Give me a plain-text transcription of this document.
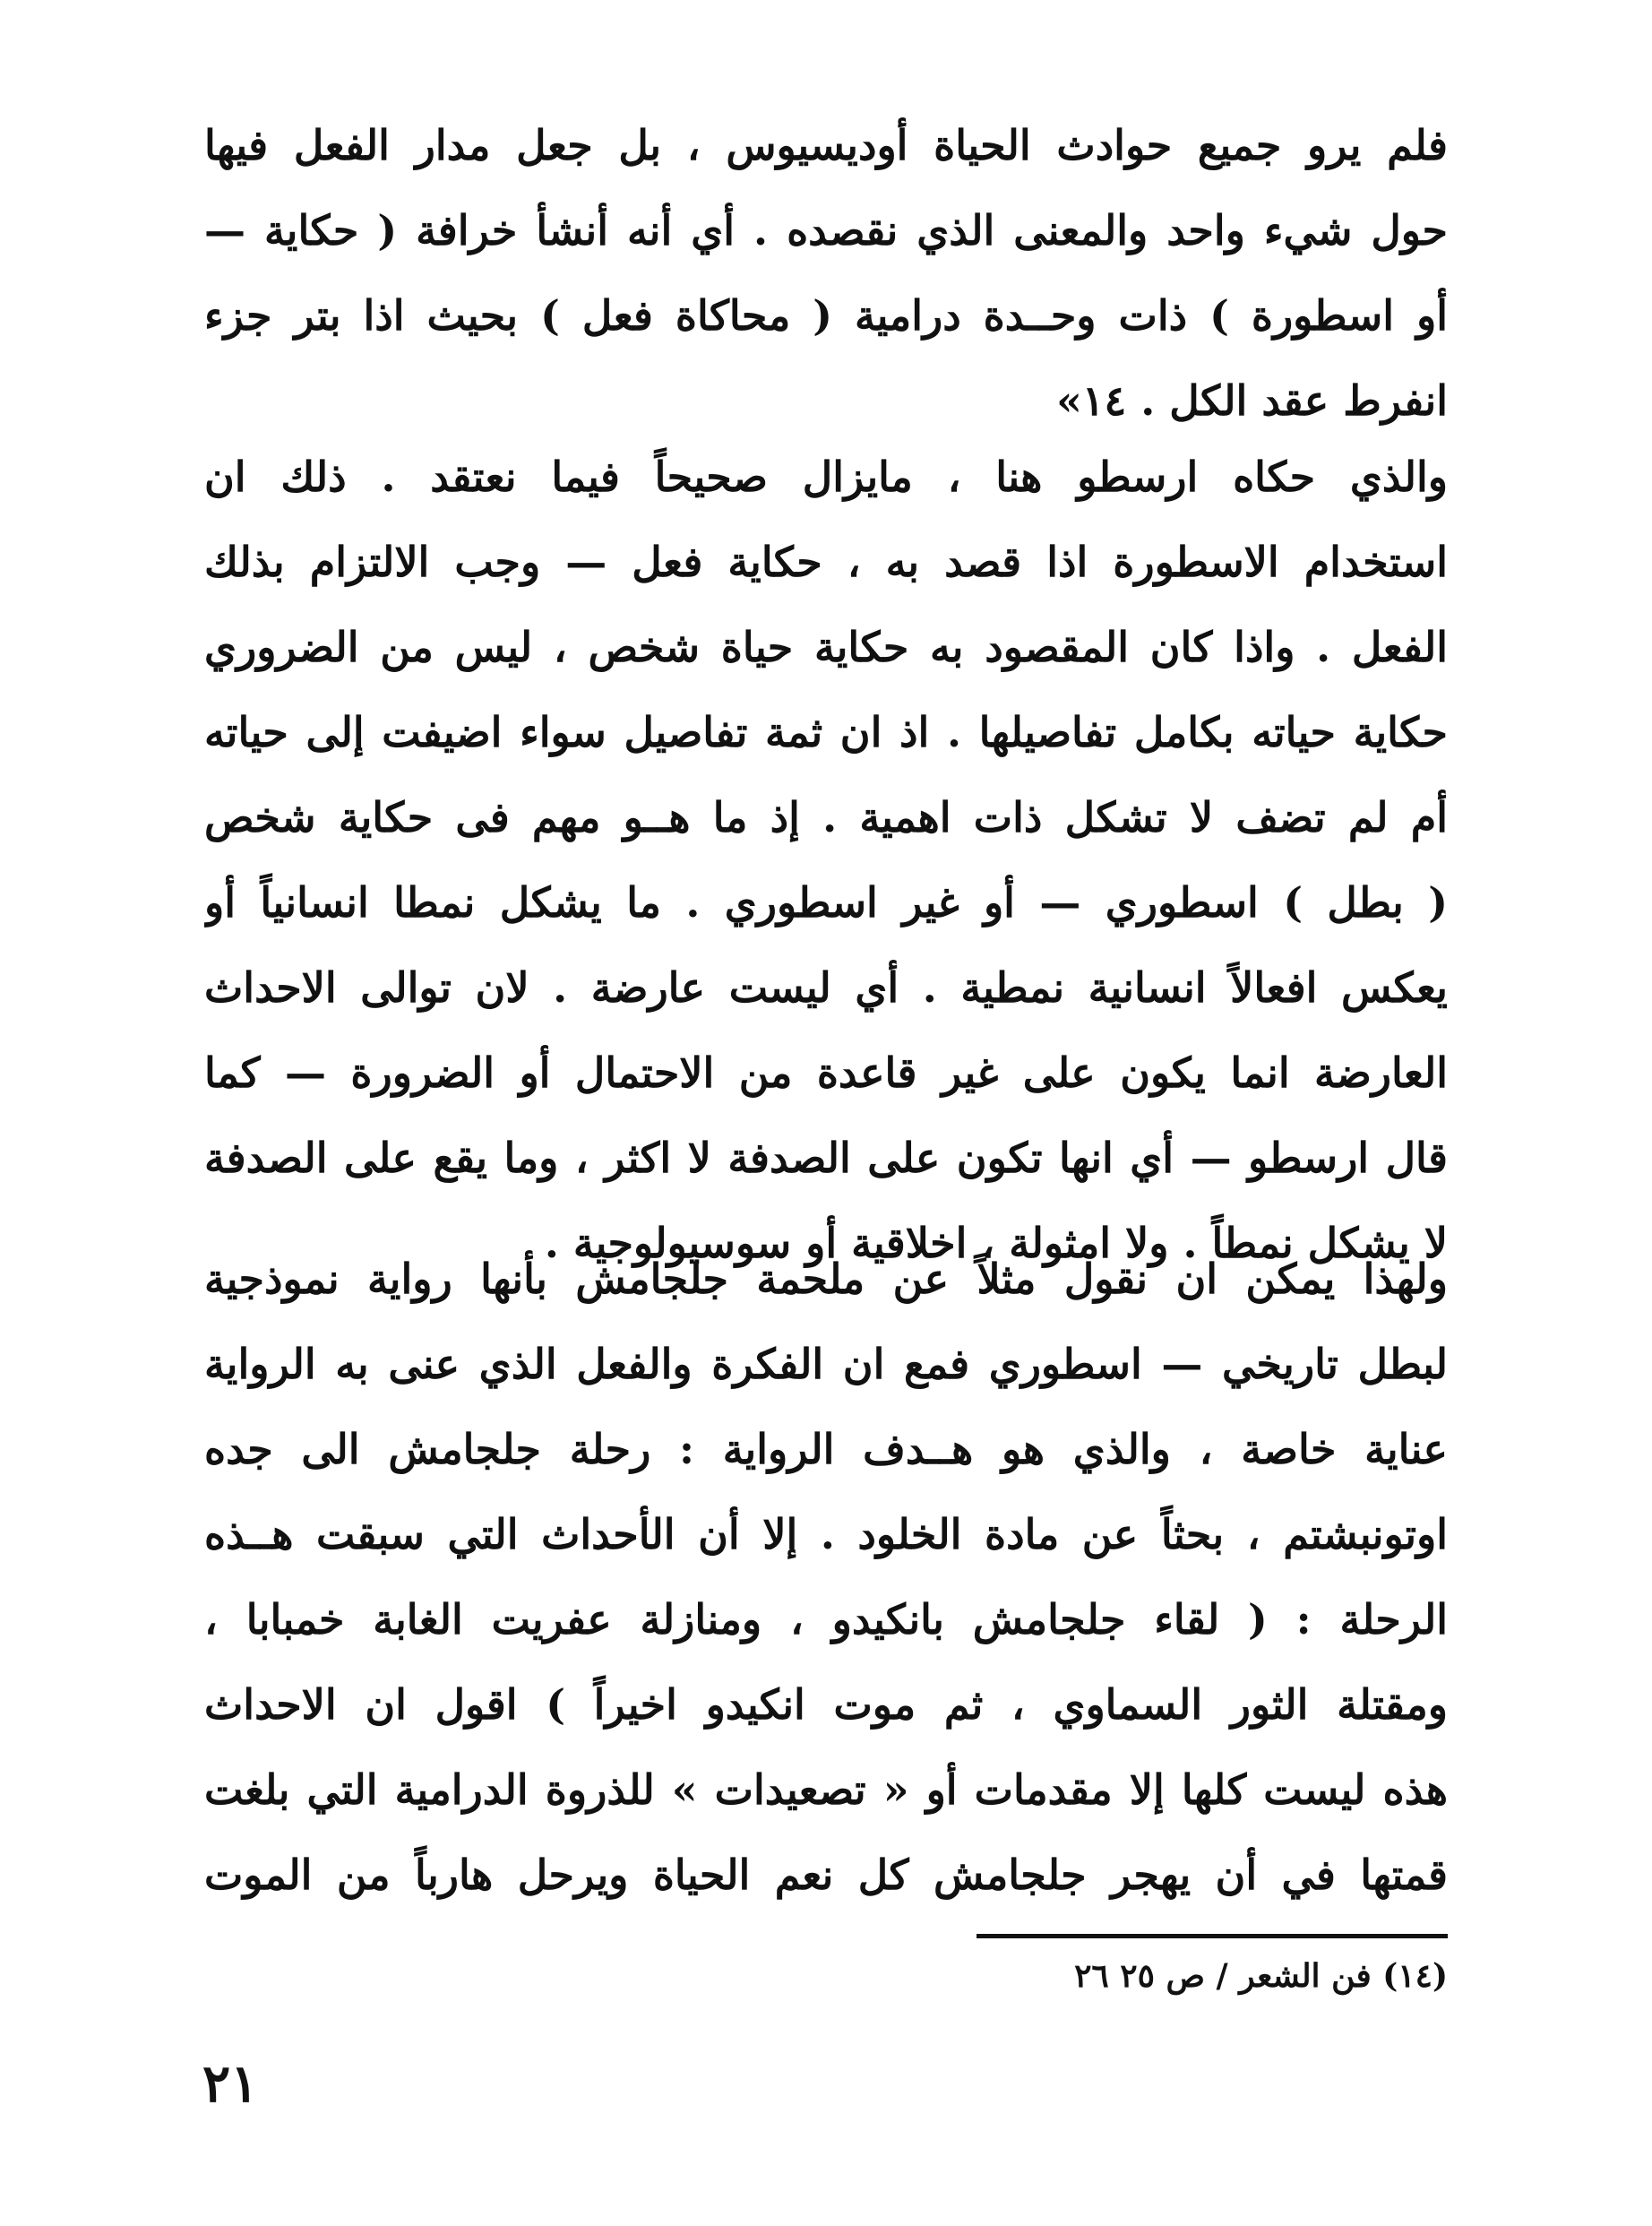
فلم يرو جميع حوادث الحياة أوديسيوس ، بل جعل مدار الفعل فيها
حول شيء واحد والمعنى الذي نقصده . أي أنه أنشأ خرافة ( حكاية —
أو اسطورة ) ذات وحــدة درامية ( محاكاة فعل ) بحيث اذا بتر جزء
انفرط عقد الكل . ١٤»
والذي حكاه ارسطو هنا ، مايزال صحيحاً فيما نعتقد . ذلك ان
استخدام الاسطورة اذا قصد به ، حكاية فعل — وجب الالتزام بذلك
الفعل . واذا كان المقصود به حكاية حياة شخص ، ليس من الضروري
حكاية حياته بكامل تفاصيلها . اذ ان ثمة تفاصيل سواء اضيفت إلى حياته
أم لم تضف لا تشكل ذات اهمية . إذ ما هــو مهم فى حكاية شخص
( بطل ) اسطوري — أو غير اسطوري . ما يشكل نمطا انسانياً أو
يعكس افعالاً انسانية نمطية . أي ليست عارضة . لان توالى الاحداث
العارضة انما يكون على غير قاعدة من الاحتمال أو الضرورة — كما
قال ارسطو — أي انها تكون على الصدفة لا اكثر ، وما يقع على الصدفة
لا يشكل نمطاً . ولا امثولة ، اخلاقية أو سوسيولوجية .
ولهذا يمكن ان نقول مثلاً عن ملحمة جلجامش بأنها رواية نموذجية
لبطل تاريخي — اسطوري فمع ان الفكرة والفعل الذي عنى به الرواية
عناية خاصة ، والذي هو هــدف الرواية : رحلة جلجامش الى جده
اوتونبشتم ، بحثاً عن مادة الخلود . إلا أن الأحداث التي سبقت هــذه
الرحلة : ( لقاء جلجامش بانكيدو ، ومنازلة عفريت الغابة خمبابا ،
ومقتلة الثور السماوي ، ثم موت انكيدو اخيراً ) اقول ان الاحداث
هذه ليست كلها إلا مقدمات أو « تصعيدات » للذروة الدرامية التي بلغت
قمتها في أن يهجر جلجامش كل نعم الحياة ويرحل هارباً من الموت
(١٤) فن الشعر / ص ٢٥ ٢٦
٢١
